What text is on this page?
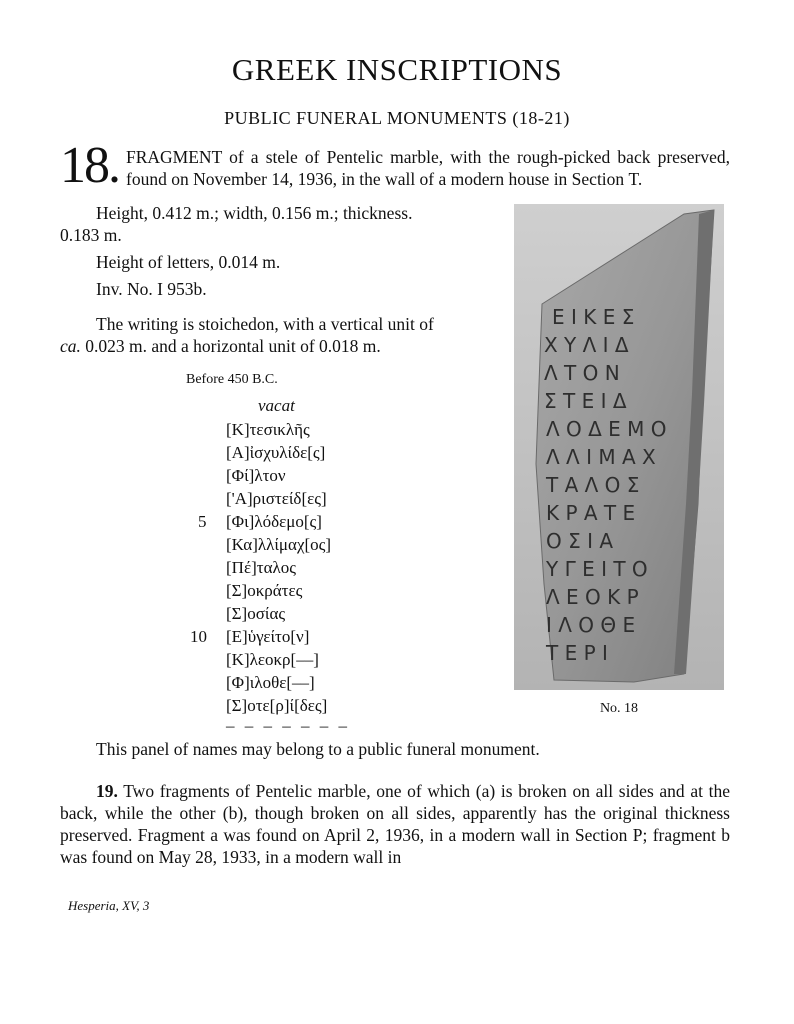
GREEK INSCRIPTIONS
PUBLIC FUNERAL MONUMENTS (18-21)
18. FRAGMENT of a stele of Pentelic marble, with the rough-picked back preserved, found on November 14, 1936, in the wall of a modern house in Section Τ.
Height, 0.412 m.; width, 0.156 m.; thickness.
0.183 m.
Height of letters, 0.014 m.
Inv. No. I 953b.
The writing is stoichedon, with a vertical unit of
ca. 0.023 m. and a horizontal unit of 0.018 m.
Before 450 B.C.
vacat
[Κ]τεσικλῆς
[Α]ἰσχυλίδε[ς]
[Φί]λτον
['Α]ριστείδ[ες]
[Φι]λόδεμο[ς]
[Κα]λλίμαχ[ος]
[Πέ]ταλος
[Σ]οκράτες
[Σ]οσίας
[Ε]ὑγείτο[ν]
[Κ]λεοκρ[––]
[Φ]ιλοθε[––]
[Σ]οτε[ρ]ί[δες]
5
10
– – – – – – –
Ε Ι Κ Ε Σ
Χ Υ Λ Ι Δ
Λ Τ Ο Ν
Σ Τ Ε Ι Δ
Λ Ο Δ Ε Μ Ο
Λ Λ Ι Μ Α Χ
Τ Α Λ Ο Σ
Κ Ρ Α Τ Ε
Ο Σ Ι Α
Υ Γ Ε Ι Τ Ο
Λ Ε Ο Κ Ρ
Ι Λ Ο Θ Ε
Τ Ε Ρ Ι
No. 18
This panel of names may belong to a public funeral monument.
19. Two fragments of Pentelic marble, one of which (a) is broken on all sides and at the back, while the other (b), though broken on all sides, apparently has the original thickness preserved. Fragment a was found on April 2, 1936, in a modern wall in Section Ρ; fragment b was found on May 28, 1933, in a modern wall in
Hesperia, XV, 3
